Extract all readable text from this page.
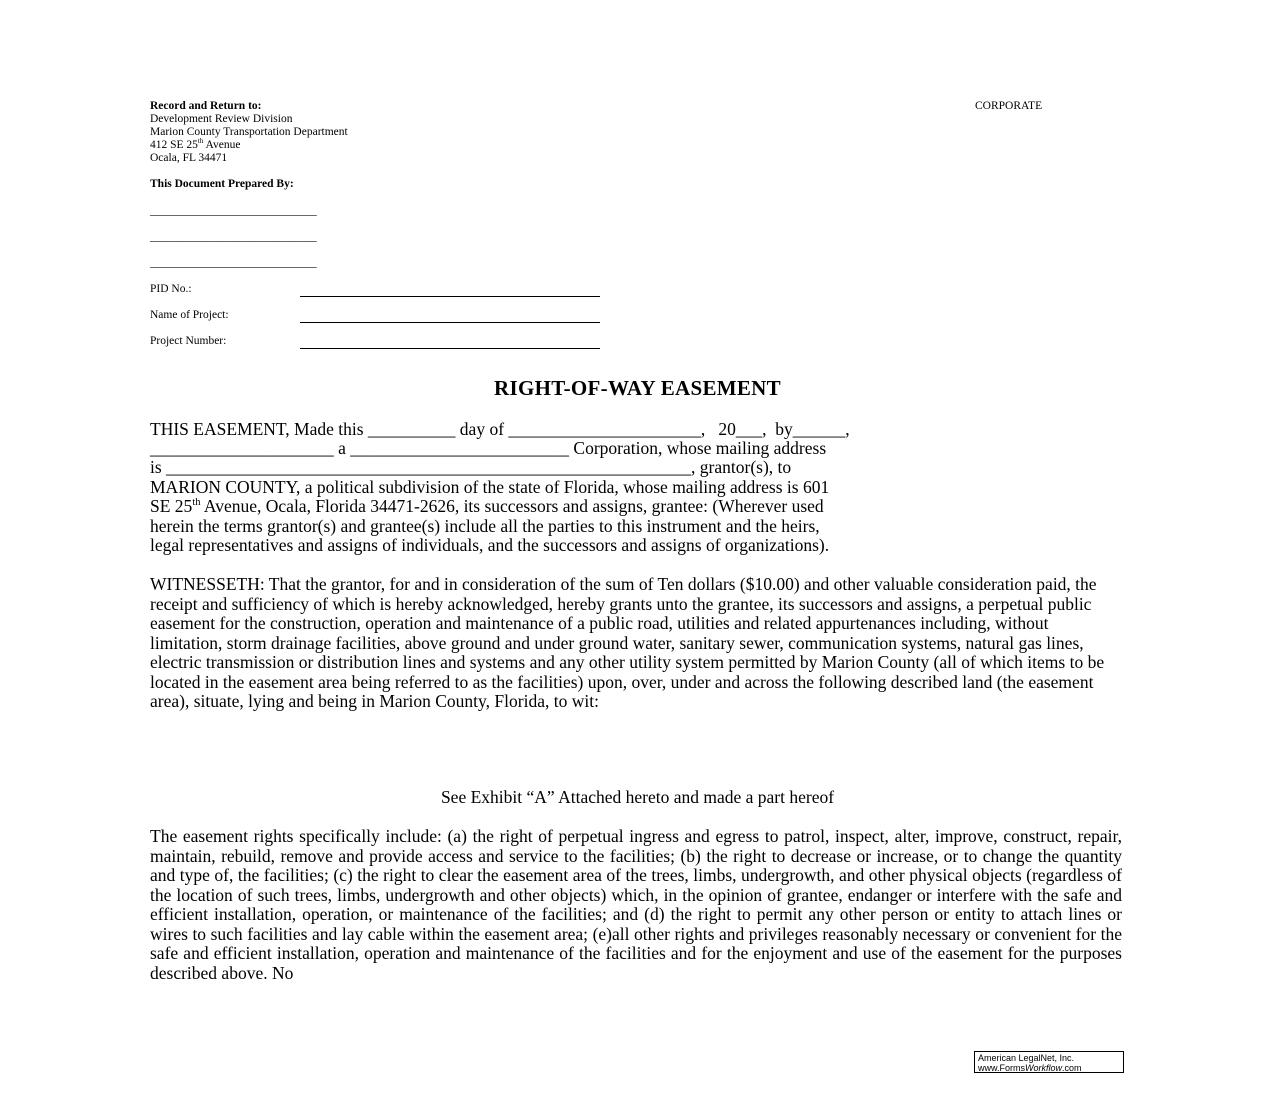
Record and Return to:
Development Review Division
Marion County Transportation Department
412 SE 25th Avenue
Ocala, FL 34471
CORPORATE
This Document Prepared By:
______________________________
______________________________
______________________________
PID No.:
Name of Project:
Project Number:
RIGHT-OF-WAY EASEMENT
THIS EASEMENT, Made this __________ day of ______________________,   20___,  by______,
_____________________ a _________________________ Corporation, whose mailing address
is ____________________________________________________________, grantor(s), to
MARION COUNTY, a political subdivision of the state of Florida, whose mailing address is 601
SE 25th Avenue, Ocala, Florida 34471-2626, its successors and assigns, grantee: (Wherever used
herein the terms grantor(s) and grantee(s) include all the parties to this instrument and the heirs,
legal representatives and assigns of individuals, and the successors and assigns of organizations).
WITNESSETH: That the grantor, for and in consideration of the sum of Ten dollars ($10.00) and other valuable consideration paid, the receipt and sufficiency of which is hereby acknowledged, hereby grants unto the grantee, its successors and assigns, a perpetual public easement for the construction, operation and maintenance of a public road, utilities and related appurtenances including, without limitation, storm drainage facilities, above ground and under ground water, sanitary sewer, communication systems, natural gas lines, electric transmission or distribution lines and systems and any other utility system permitted by Marion County (all of which items to be located in the easement area being referred to as the facilities) upon, over, under and across the following described land (the easement area), situate, lying and being in Marion County, Florida, to wit:
See Exhibit “A” Attached hereto and made a part hereof
The easement rights specifically include: (a) the right of perpetual ingress and egress to patrol, inspect, alter, improve, construct, repair, maintain, rebuild, remove and provide access and service to the facilities; (b) the right to decrease or increase, or to change the quantity and type of, the facilities; (c) the right to clear the easement area of the trees, limbs, undergrowth, and other physical objects (regardless of the location of such trees, limbs, undergrowth and other objects) which, in the opinion of grantee, endanger or interfere with the safe and efficient installation, operation, or maintenance of the facilities; and (d) the right to permit any other person or entity to attach lines or wires to such facilities and lay cable within the easement area; (e)all other rights and privileges reasonably necessary or convenient for the safe and efficient installation, operation and maintenance of the facilities and for the enjoyment and use of the easement for the purposes described above. No
American LegalNet, Inc.
www.FormsWorkflow.com
